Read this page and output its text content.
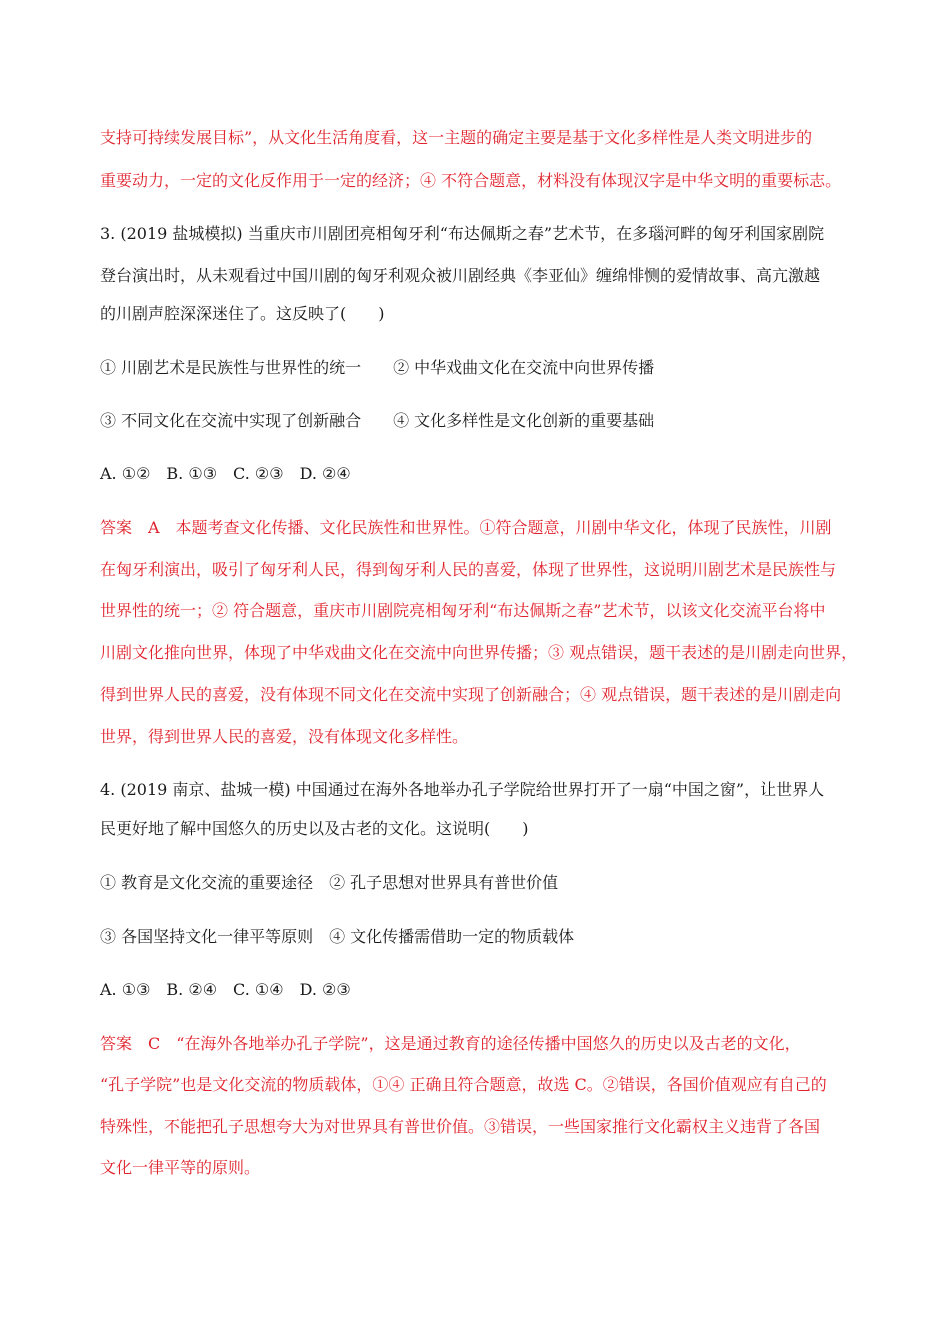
支持可持续发展目标”，从文化生活角度看，这一主题的确定主要是基于文化多样性是人类文明进步的
重要动力，一定的文化反作用于一定的经济；④ 不符合题意，材料没有体现汉字是中华文明的重要标志。
3. (2019 盐城模拟) 当重庆市川剧团亮相匈牙利“布达佩斯之春”艺术节，在多瑙河畔的匈牙利国家剧院
登台演出时，从未观看过中国川剧的匈牙利观众被川剧经典《李亚仙》缠绵悱恻的爱情故事、高亢激越
的川剧声腔深深迷住了。这反映了(　　)
① 川剧艺术是民族性与世界性的统一　　② 中华戏曲文化在交流中向世界传播
③ 不同文化在交流中实现了创新融合　　④ 文化多样性是文化创新的重要基础
A. ①②　B. ①③　C. ②③　D. ②④
答案　A　本题考查文化传播、文化民族性和世界性。①符合题意，川剧中华文化，体现了民族性，川剧
在匈牙利演出，吸引了匈牙利人民，得到匈牙利人民的喜爱，体现了世界性，这说明川剧艺术是民族性与
世界性的统一；② 符合题意，重庆市川剧院亮相匈牙利“布达佩斯之春”艺术节，以该文化交流平台将中
川剧文化推向世界，体现了中华戏曲文化在交流中向世界传播；③ 观点错误，题干表述的是川剧走向世界，
得到世界人民的喜爱，没有体现不同文化在交流中实现了创新融合；④ 观点错误，题干表述的是川剧走向
世界，得到世界人民的喜爱，没有体现文化多样性。
4. (2019 南京、盐城一模) 中国通过在海外各地举办孔子学院给世界打开了一扇“中国之窗”，让世界人
民更好地了解中国悠久的历史以及古老的文化。这说明(　　)
① 教育是文化交流的重要途径　② 孔子思想对世界具有普世价值
③ 各国坚持文化一律平等原则　④ 文化传播需借助一定的物质载体
A. ①③　B. ②④　C. ①④　D. ②③
答案　C　“在海外各地举办孔子学院”，这是通过教育的途径传播中国悠久的历史以及古老的文化，
“孔子学院”也是文化交流的物质载体，①④ 正确且符合题意，故选 C。②错误，各国价值观应有自己的
特殊性，不能把孔子思想夸大为对世界具有普世价值。③错误，一些国家推行文化霸权主义违背了各国
文化一律平等的原则。
